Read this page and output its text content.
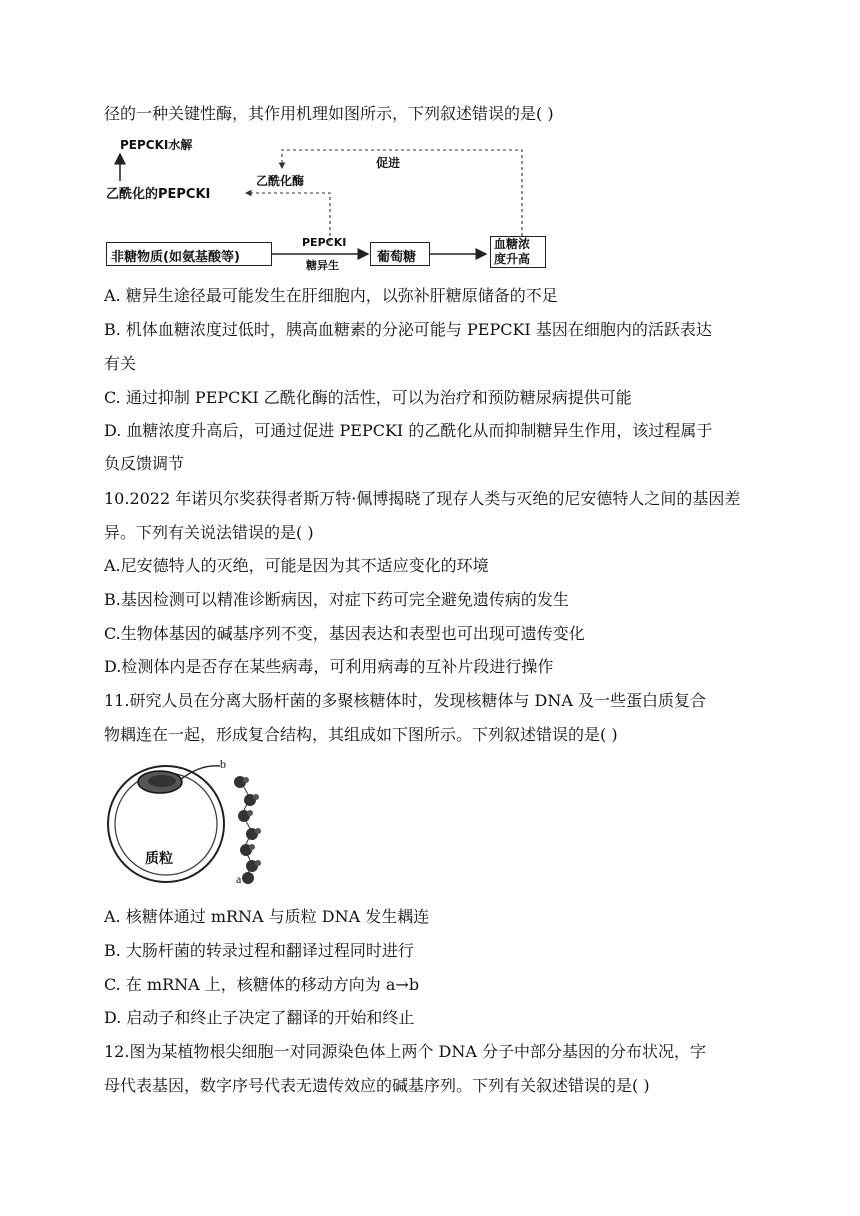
径的一种关键性酶，其作用机理如图所示，下列叙述错误的是( )
PEPCKI水解
乙酰化的PEPCKI
乙酰化酶
促进
非糖物质(如氨基酸等)
PEPCKI
糖异生
葡萄糖
血糖浓
度升高
A. 糖异生途径最可能发生在肝细胞内，以弥补肝糖原储备的不足
B. 机体血糖浓度过低时，胰高血糖素的分泌可能与 PEPCKI 基因在细胞内的活跃表达
有关
C. 通过抑制 PEPCKI 乙酰化酶的活性，可以为治疗和预防糖尿病提供可能
D. 血糖浓度升高后，可通过促进 PEPCKI 的乙酰化从而抑制糖异生作用，该过程属于
负反馈调节
10.2022 年诺贝尔奖获得者斯万特·佩博揭晓了现存人类与灭绝的尼安德特人之间的基因差
异。下列有关说法错误的是( )
A.尼安德特人的灭绝，可能是因为其不适应变化的环境
B.基因检测可以精准诊断病因，对症下药可完全避免遗传病的发生
C.生物体基因的碱基序列不变，基因表达和表型也可出现可遗传变化
D.检测体内是否存在某些病毒，可利用病毒的互补片段进行操作
11.研究人员在分离大肠杆菌的多聚核糖体时，发现核糖体与 DNA 及一些蛋白质复合
物耦连在一起，形成复合结构，其组成如下图所示。下列叙述错误的是( )
质粒
b
a
A. 核糖体通过 mRNA 与质粒 DNA 发生耦连
B. 大肠杆菌的转录过程和翻译过程同时进行
C. 在 mRNA 上，核糖体的移动方向为 a→b
D. 启动子和终止子决定了翻译的开始和终止
12.图为某植物根尖细胞一对同源染色体上两个 DNA 分子中部分基因的分布状况，字
母代表基因，数字序号代表无遗传效应的碱基序列。下列有关叙述错误的是( )
